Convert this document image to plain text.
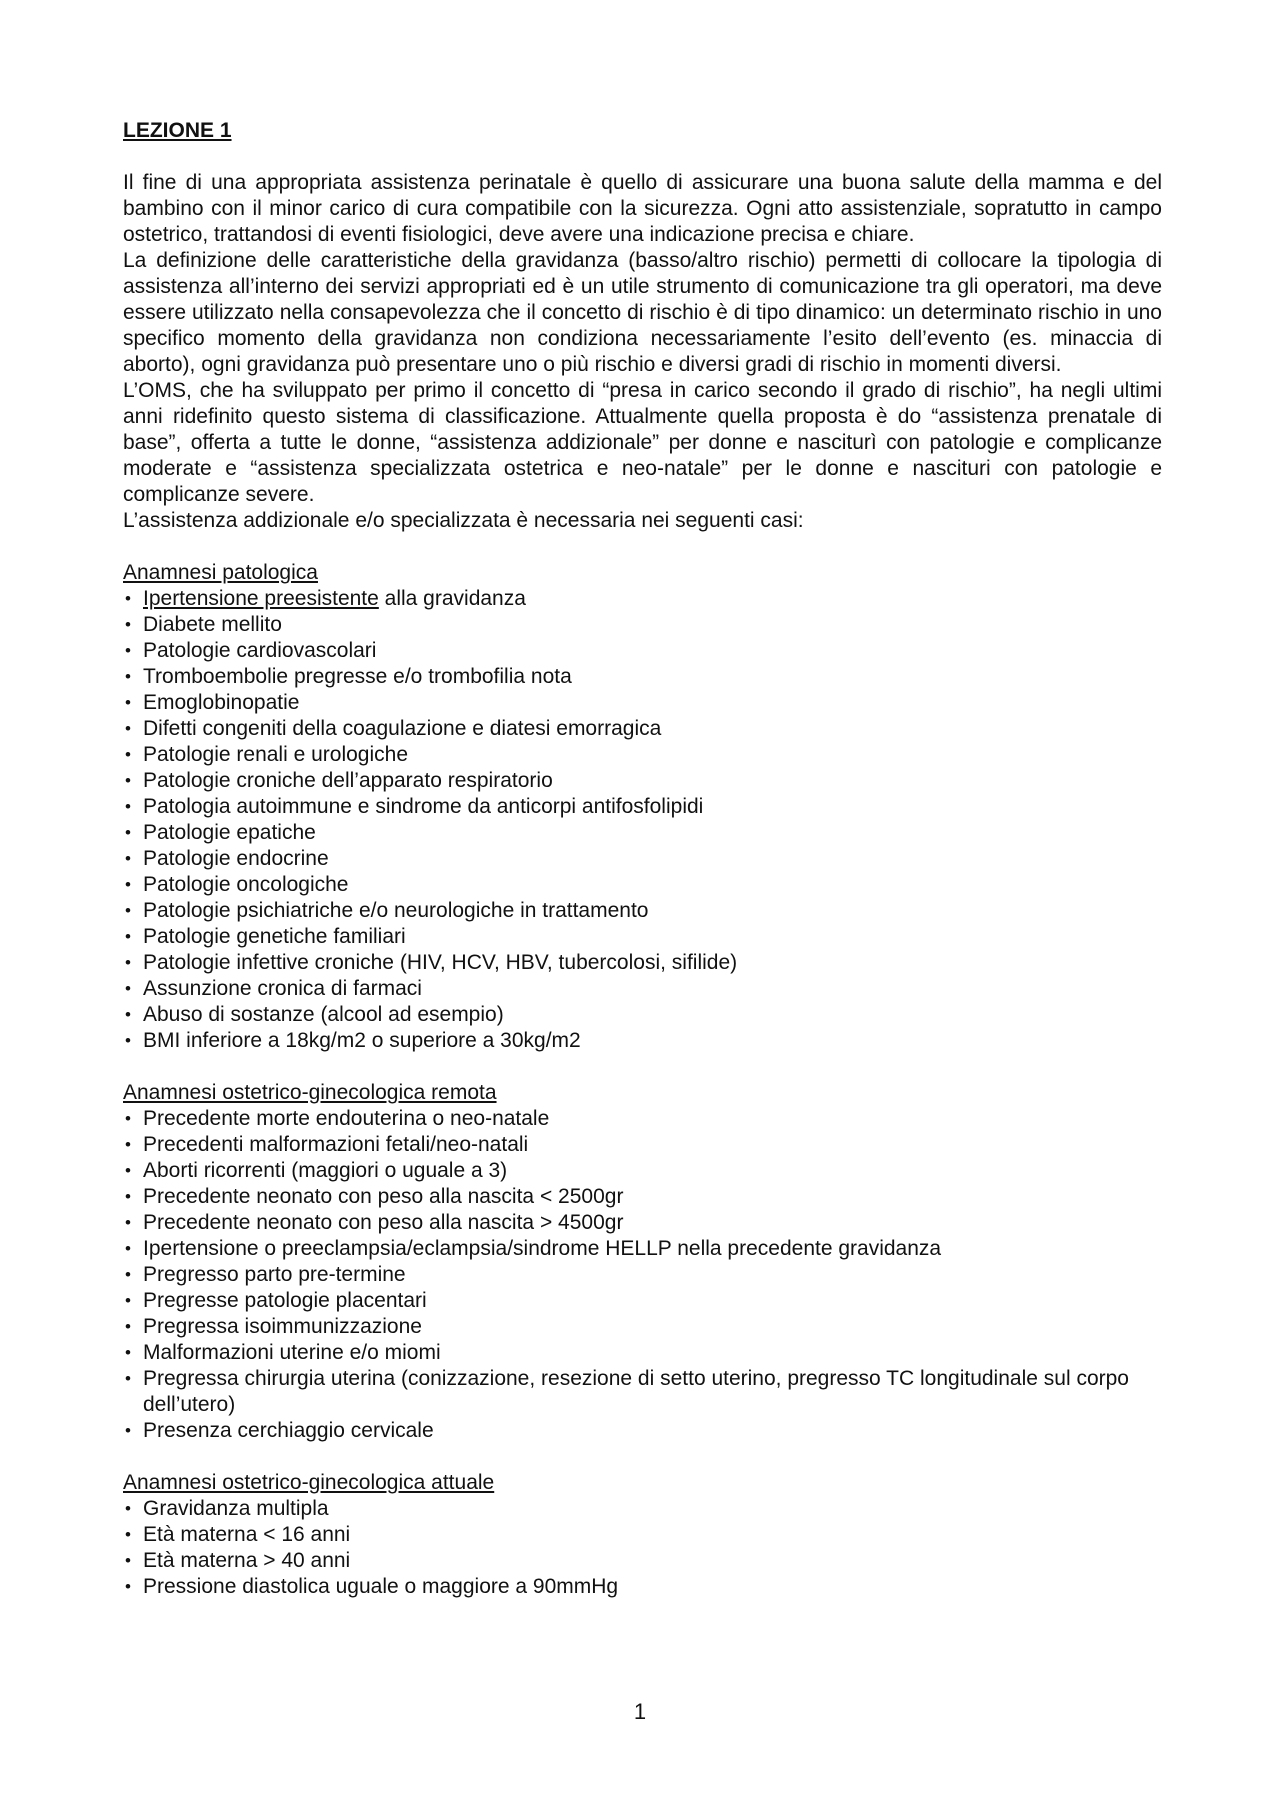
LEZIONE 1

Il fine di una appropriata assistenza perinatale è quello di assicurare una buona salute della mamma e del bambino con il minor carico di cura compatibile con la sicurezza. Ogni atto assistenziale, sopratutto in campo ostetrico, trattandosi di eventi fisiologici, deve avere una indicazione precisa e chiare.

La definizione delle caratteristiche della gravidanza (basso/altro rischio) permetti di collocare la tipologia di assistenza all’interno dei servizi appropriati ed è un utile strumento di comunicazione tra gli operatori, ma deve essere utilizzato nella consapevolezza che il concetto di rischio è di tipo dinamico: un determinato rischio in uno specifico momento della gravidanza non condiziona necessariamente l’esito dell’evento (es. minaccia di aborto), ogni gravidanza può presentare uno o più rischio e diversi gradi di rischio in momenti diversi.

L’OMS, che ha sviluppato per primo il concetto di “presa in carico secondo il grado di rischio”, ha negli ultimi anni ridefinito questo sistema di classificazione. Attualmente quella proposta è do “assistenza prenatale di base”, offerta a tutte le donne, “assistenza addizionale” per donne e nasciturì con patologie e complicanze moderate e “assistenza specializzata ostetrica e neo-natale” per le donne e nascituri con patologie e complicanze severe.

L’assistenza addizionale e/o specializzata è necessaria nei seguenti casi:

Anamnesi patologica
• Ipertensione preesistente alla gravidanza
• Diabete mellito
• Patologie cardiovascolari
• Tromboembolie pregresse e/o trombofilia nota
• Emoglobinopatie
• Difetti congeniti della coagulazione e diatesi emorragica
• Patologie renali e urologiche
• Patologie croniche dell’apparato respiratorio
• Patologia autoimmune e sindrome da anticorpi antifosfolipidi
• Patologie epatiche
• Patologie endocrine
• Patologie oncologiche
• Patologie psichiatriche e/o neurologiche in trattamento
• Patologie genetiche familiari
• Patologie infettive croniche (HIV, HCV, HBV, tubercolosi, sifilide)
• Assunzione cronica di farmaci
• Abuso di sostanze (alcool ad esempio)
• BMI inferiore a 18kg/m2 o superiore a 30kg/m2
Anamnesi ostetrico-ginecologica remota
• Precedente morte endouterina o neo-natale
• Precedenti malformazioni fetali/neo-natali
• Aborti ricorrenti (maggiori o uguale a 3)
• Precedente neonato con peso alla nascita < 2500gr
• Precedente neonato con peso alla nascita > 4500gr
• Ipertensione o preeclampsia/eclampsia/sindrome HELLP nella precedente gravidanza
• Pregresso parto pre-termine
• Pregresse patologie placentari
• Pregressa isoimmunizzazione
• Malformazioni uterine e/o miomi
• Pregressa chirurgia uterina (conizzazione, resezione di setto uterino, pregresso TC longitudinale sul corpo dell’utero)
• Presenza cerchiaggio cervicale
Anamnesi ostetrico-ginecologica attuale
• Gravidanza multipla
• Età materna < 16 anni
• Età materna > 40 anni
• Pressione diastolica uguale o maggiore a 90mmHg
1
